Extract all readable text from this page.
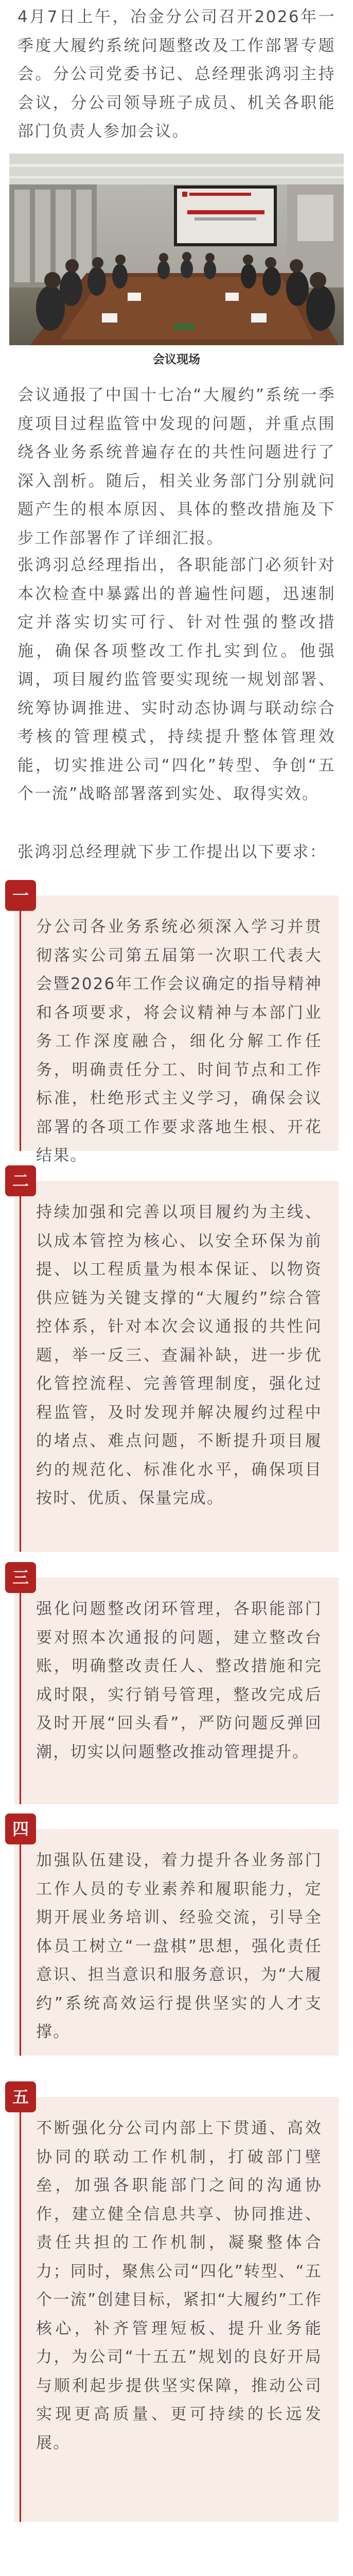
4月7日上午，冶金分公司召开2026年一季度大履约系统问题整改及工作部署专题会。分公司党委书记、总经理张鸿羽主持会议，分公司领导班子成员、机关各职能部门负责人参加会议。

会议现场

会议通报了中国十七冶“大履约”系统一季度项目过程监管中发现的问题，并重点围绕各业务系统普遍存在的共性问题进行了深入剖析。随后，相关业务部门分别就问题产生的根本原因、具体的整改措施及下步工作部署作了详细汇报。

张鸿羽总经理指出，各职能部门必须针对本次检查中暴露出的普遍性问题，迅速制定并落实切实可行、针对性强的整改措施，确保各项整改工作扎实到位。他强调，项目履约监管要实现统一规划部署、统筹协调推进、实时动态协调与联动综合考核的管理模式，持续提升整体管理效能，切实推进公司“四化”转型、争创“五个一流”战略部署落到实处、取得实效。

张鸿羽总经理就下步工作提出以下要求：

分公司各业务系统必须深入学习并贯彻落实公司第五届第一次职工代表大会暨2026年工作会议确定的指导精神和各项要求，将会议精神与本部门业务工作深度融合，细化分解工作任务，明确责任分工、时间节点和工作标准，杜绝形式主义学习，确保会议部署的各项工作要求落地生根、开花结果。

一

持续加强和完善以项目履约为主线、以成本管控为核心、以安全环保为前提、以工程质量为根本保证、以物资供应链为关键支撑的“大履约”综合管控体系，针对本次会议通报的共性问题，举一反三、查漏补缺，进一步优化管控流程、完善管理制度，强化过程监管，及时发现并解决履约过程中的堵点、难点问题，不断提升项目履约的规范化、标准化水平，确保项目按时、优质、保量完成。

二

强化问题整改闭环管理，各职能部门要对照本次通报的问题，建立整改台账，明确整改责任人、整改措施和完成时限，实行销号管理，整改完成后及时开展“回头看”，严防问题反弹回潮，切实以问题整改推动管理提升。

三

加强队伍建设，着力提升各业务部门工作人员的专业素养和履职能力，定期开展业务培训、经验交流，引导全体员工树立“一盘棋”思想，强化责任意识、担当意识和服务意识，为“大履约”系统高效运行提供坚实的人才支撑。

四

不断强化分公司内部上下贯通、高效协同的联动工作机制，打破部门壁垒，加强各职能部门之间的沟通协作，建立健全信息共享、协同推进、责任共担的工作机制，凝聚整体合力；同时，聚焦公司“四化”转型、“五个一流”创建目标，紧扣“大履约”工作核心，补齐管理短板、提升业务能力，为公司“十五五”规划的良好开局与顺利起步提供坚实保障，推动公司实现更高质量、更可持续的长远发展。

五
